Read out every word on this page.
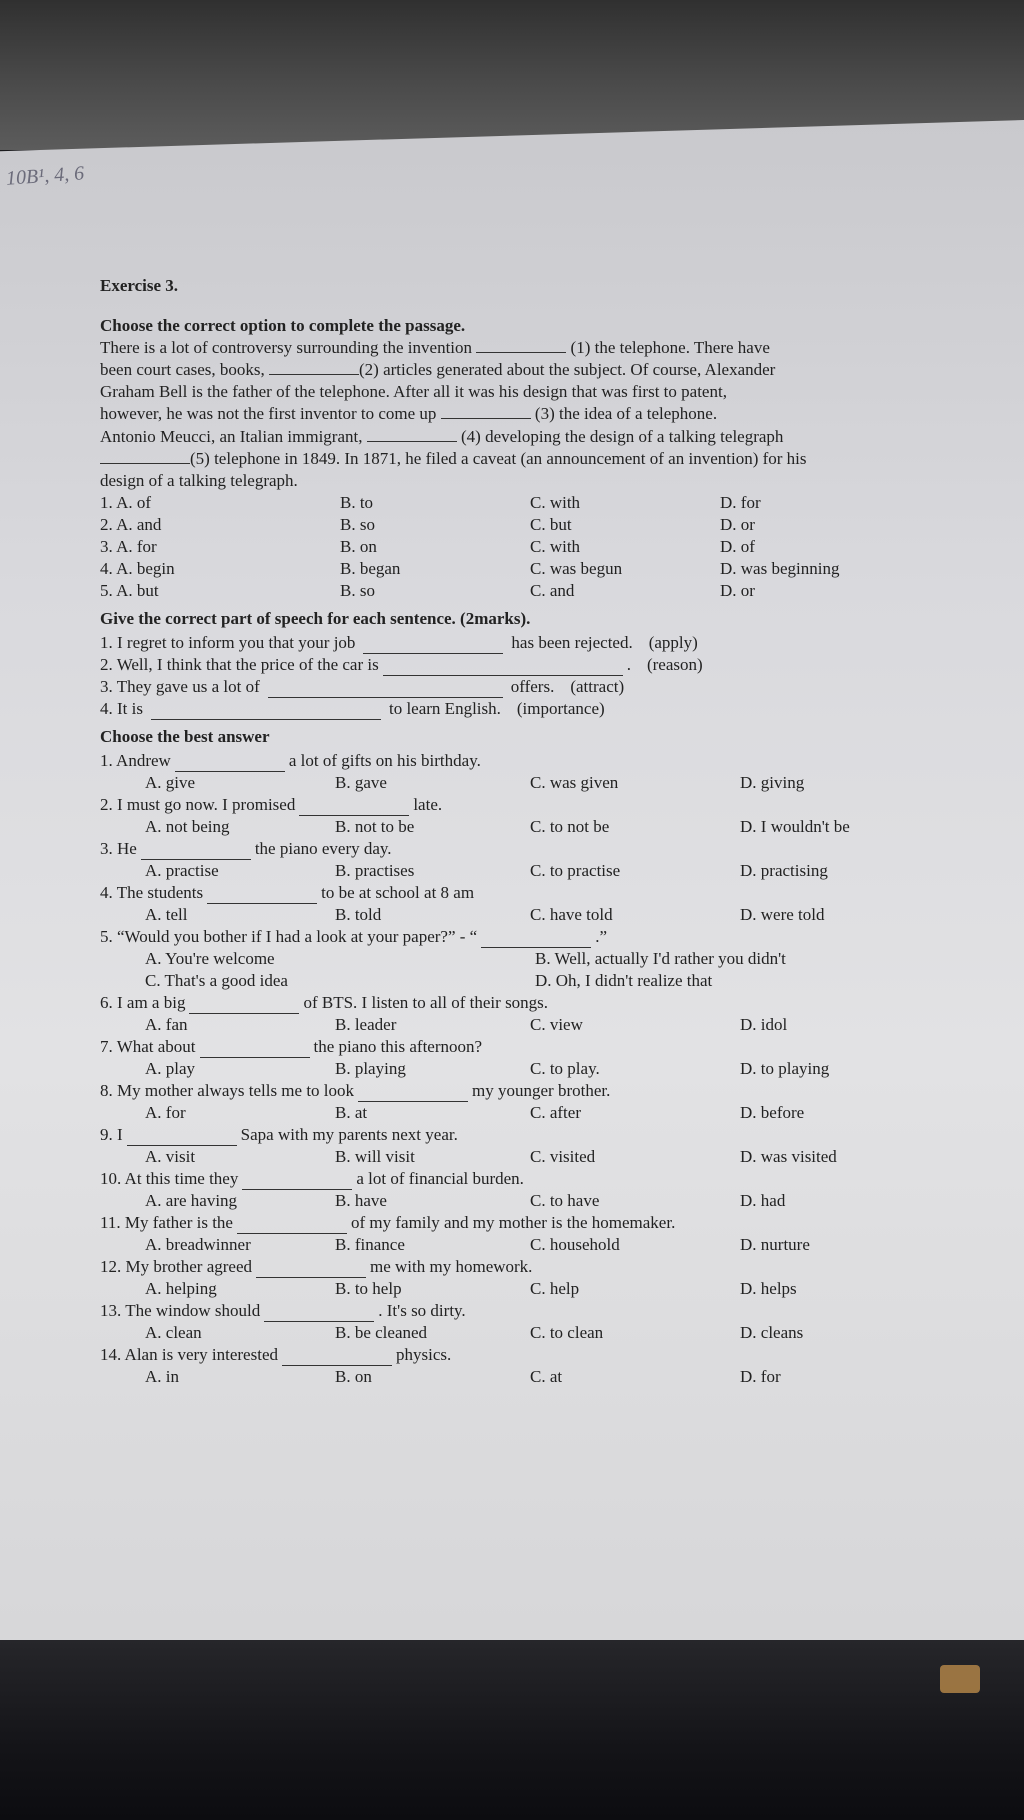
10B¹, 4, 6
Exercise 3.
Choose the correct option to complete the passage.

There is a lot of controversy surrounding the invention	(1) the telephone. There have

been court cases, books,	(2) articles generated about the subject. Of course, Alexander

Graham Bell is the father of the telephone. After all it was his design that was first to patent,

however, he was not the first inventor to come up	(3) the idea of a telephone.

Antonio Meucci, an Italian immigrant,	(4) developing the design of a talking telegraph

(5) telephone in 1849. In 1871, he filed a caveat (an announcement of an invention) for his

design of a talking telegraph.

1. A. of	B. to	C. with	D. for
2. A. and	B. so	C. but	D. or
3. A. for	B. on	C. with	D. of
4. A. begin	B. began	C. was begun	D. was beginning
5. A. but	B. so	C. and	D. or
Give the correct part of speech for each sentence. (2marks).
1. I regret to inform you that your job	has been rejected. (apply)
2. Well, I think that the price of the car is	. (reason)
3. They gave us a lot of	offers. (attract)
4. It is	to learn English. (importance)
Choose the best answer
1. Andrew	a lot of gifts on his birthday.
A. give	B. gave	C. was given	D. giving
2. I must go now. I promised	late.
A. not being	B. not to be	C. to not be	D. I wouldn't be
3. He	the piano every day.
A. practise	B. practises	C. to practise	D. practising
4. The students	to be at school at 8 am
A. tell	B. told	C. have told	D. were told
5. “Would you bother if I had a look at your paper?” - “	.”
A. You're welcome	B. Well, actually I'd rather you didn't
C. That's a good idea	D. Oh, I didn't realize that
6. I am a big	of BTS. I listen to all of their songs.
A. fan	B. leader	C. view	D. idol
7. What about	the piano this afternoon?
A. play	B. playing	C. to play.	D. to playing
8. My mother always tells me to look	my younger brother.
A. for	B. at	C. after	D. before
9. I	Sapa with my parents next year.
A. visit	B. will visit	C. visited	D. was visited
10. At this time they	a lot of financial burden.
A. are having	B. have	C. to have	D. had
11. My father is the	of my family and my mother is the homemaker.
A. breadwinner	B. finance	C. household	D. nurture
12. My brother agreed	me with my homework.
A. helping	B. to help	C. help	D. helps
13. The window should	. It's so dirty.
A. clean	B. be cleaned	C. to clean	D. cleans
14. Alan is very interested	physics.
A. in	B. on	C. at	D. for
